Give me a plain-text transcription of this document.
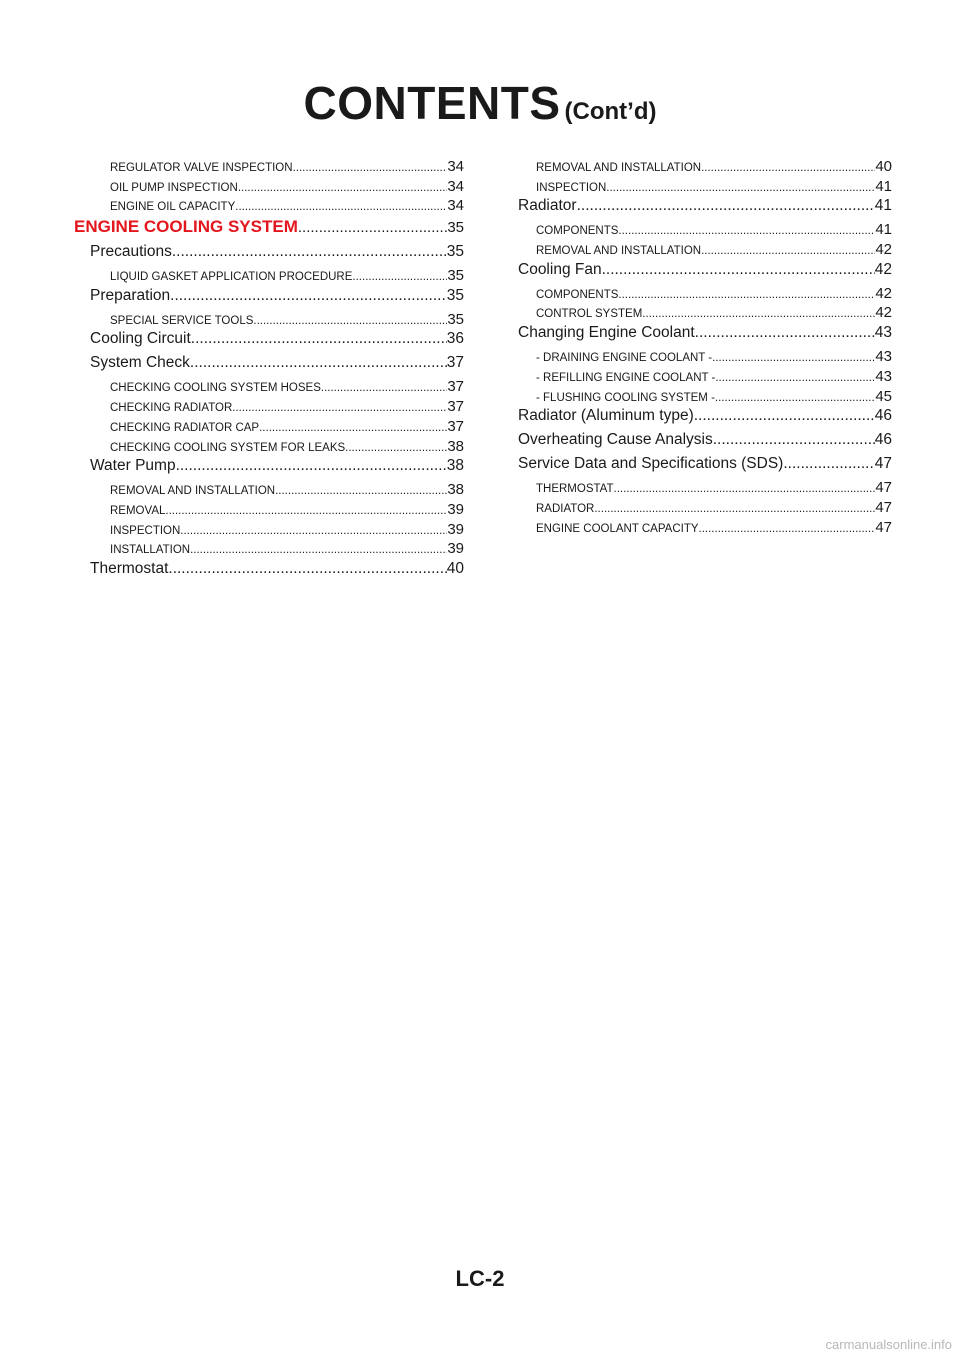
CONTENTS (Cont’d)
REGULATOR VALVE INSPECTION .....	34
OIL PUMP INSPECTION .....	34
ENGINE OIL CAPACITY .....	34
ENGINE COOLING SYSTEM .....	35
Precautions .....	35
LIQUID GASKET APPLICATION PROCEDURE .....	35
Preparation .....	35
SPECIAL SERVICE TOOLS .....	35
Cooling Circuit .....	36
System Check .....	37
CHECKING COOLING SYSTEM HOSES .....	37
CHECKING RADIATOR .....	37
CHECKING RADIATOR CAP .....	37
CHECKING COOLING SYSTEM FOR LEAKS .....	38
Water Pump .....	38
REMOVAL AND INSTALLATION .....	38
REMOVAL .....	39
INSPECTION .....	39
INSTALLATION .....	39
Thermostat .....	40
REMOVAL AND INSTALLATION .....	40
INSPECTION .....	41
Radiator .....	41
COMPONENTS .....	41
REMOVAL AND INSTALLATION .....	42
Cooling Fan .....	42
COMPONENTS .....	42
CONTROL SYSTEM .....	42
Changing Engine Coolant .....	43
- DRAINING ENGINE COOLANT - .....	43
- REFILLING ENGINE COOLANT - .....	43
- FLUSHING COOLING SYSTEM - .....	45
Radiator (Aluminum type) .....	46
Overheating Cause Analysis .....	46
Service Data and Specifications (SDS) .....	47
THERMOSTAT .....	47
RADIATOR .....	47
ENGINE COOLANT CAPACITY .....	47
LC-2
carmanualsonline.info
